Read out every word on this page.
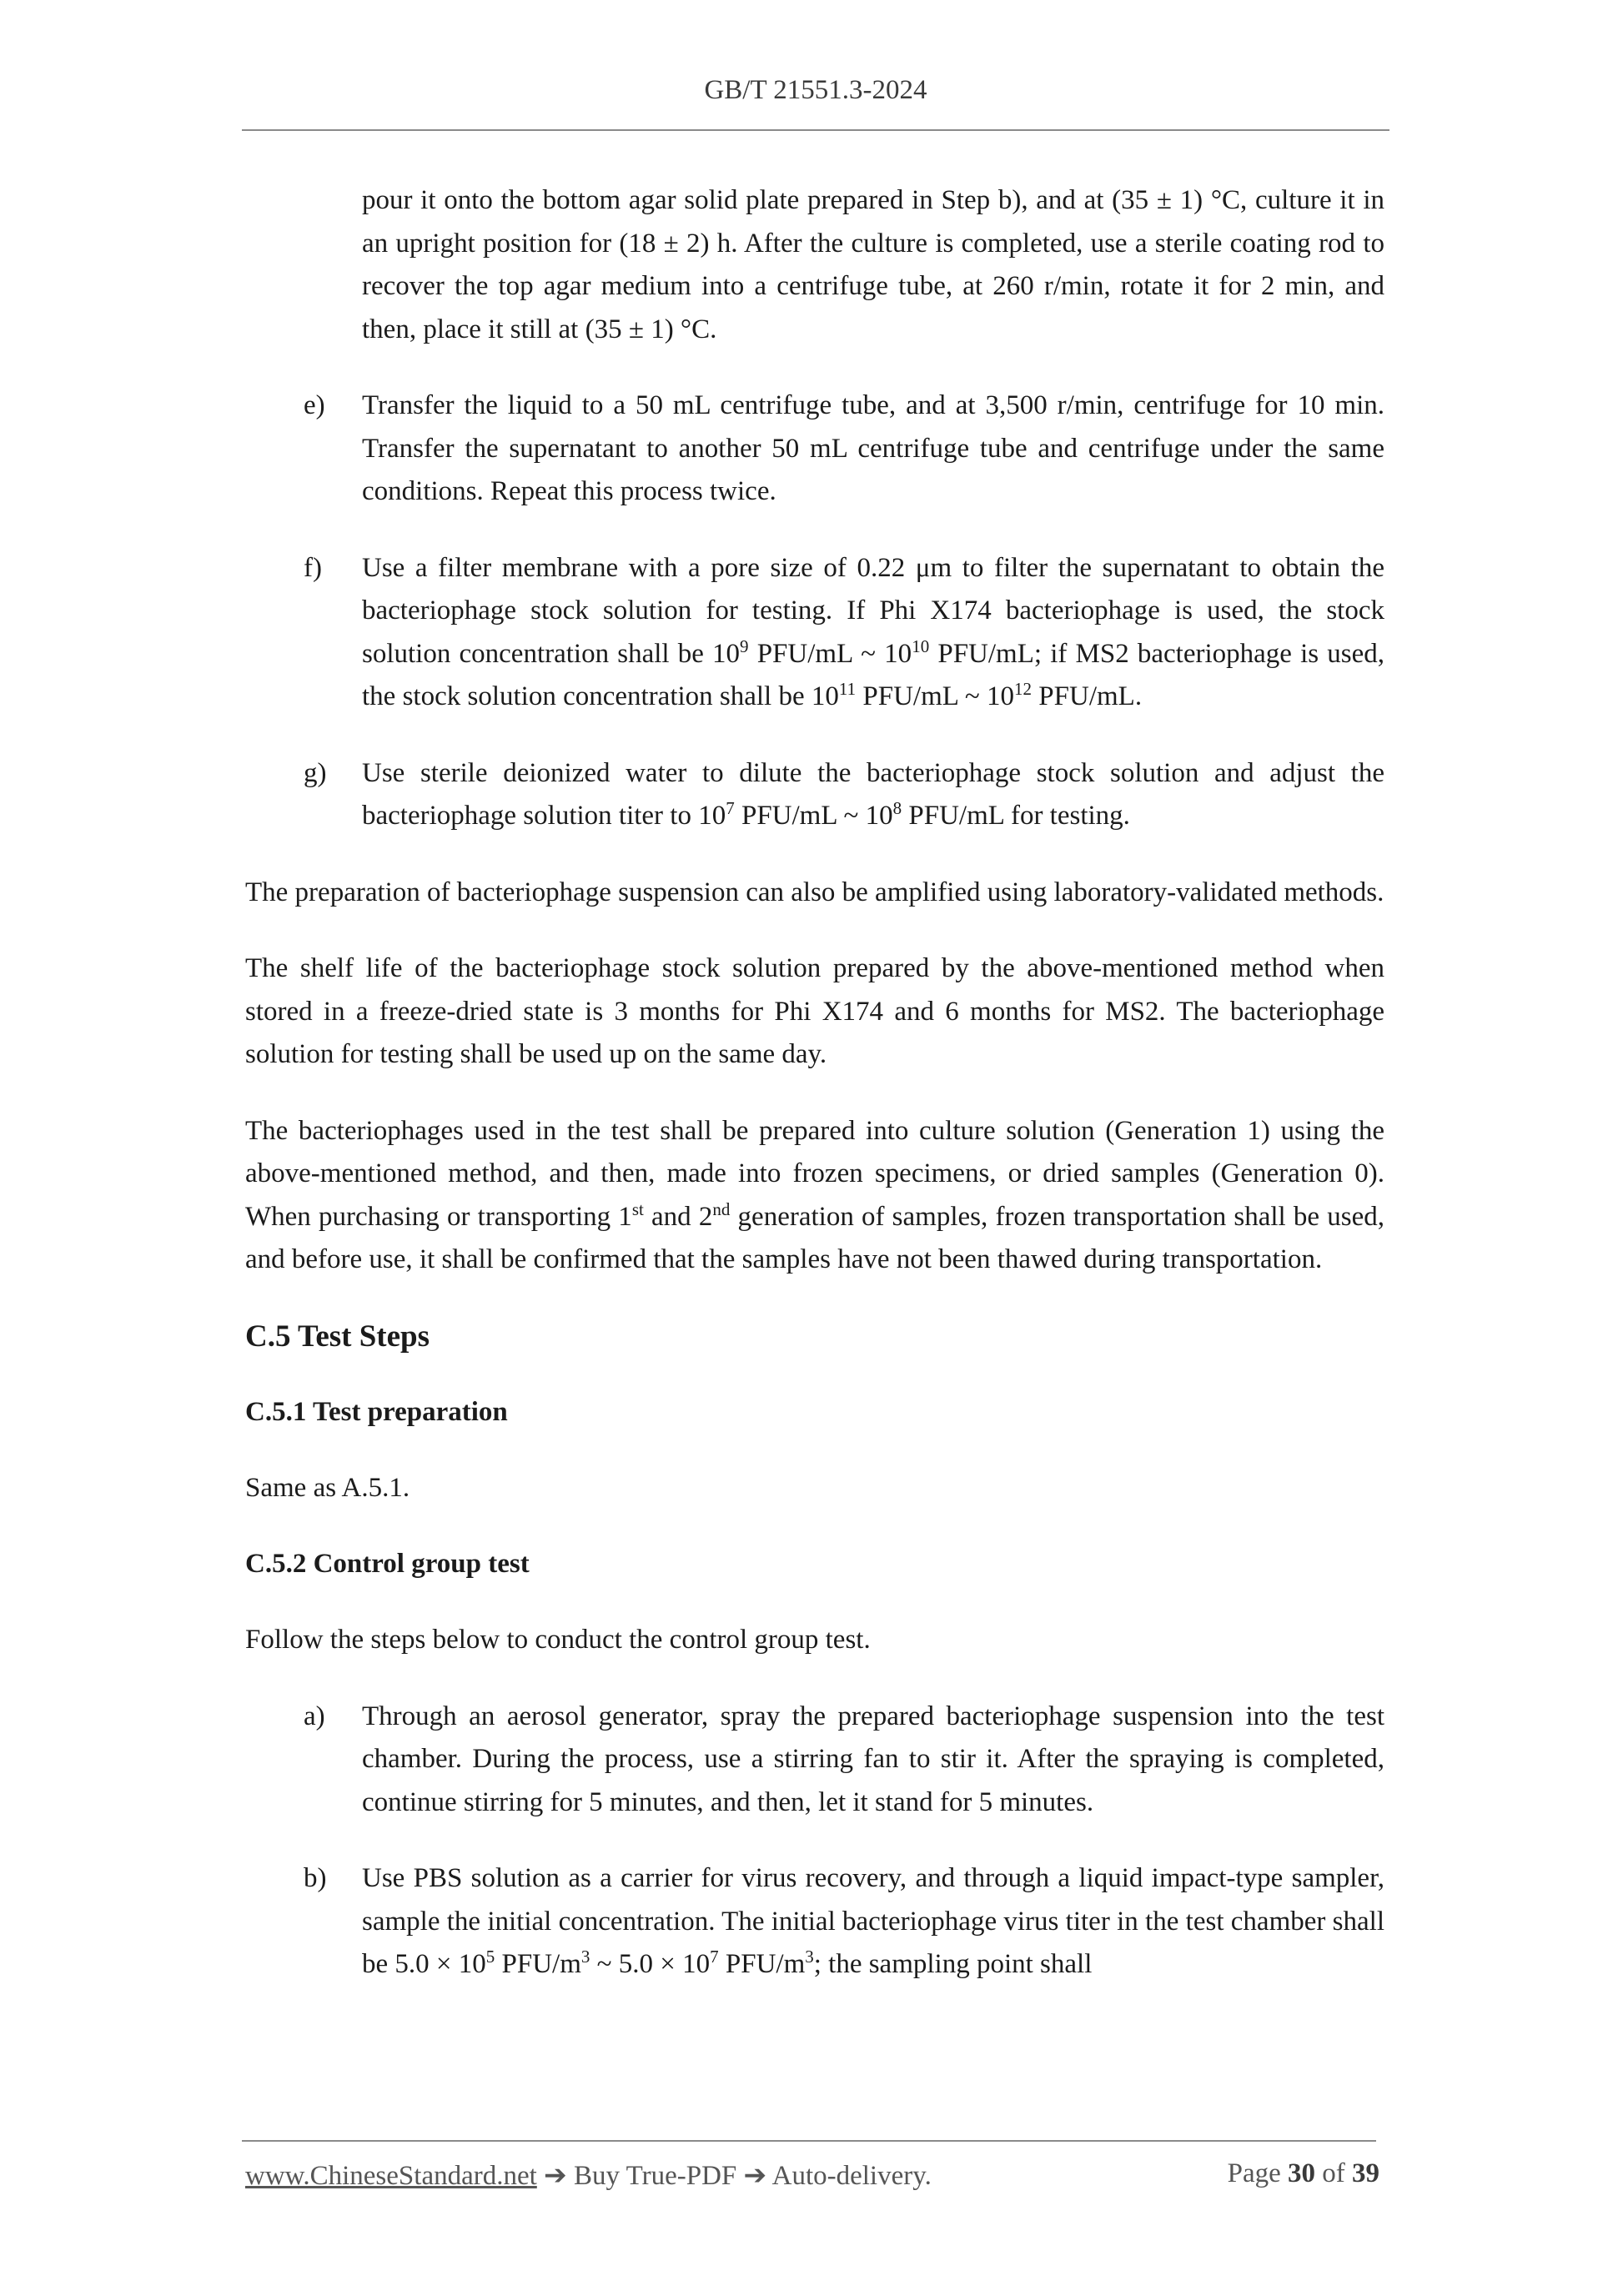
GB/T 21551.3-2024
pour it onto the bottom agar solid plate prepared in Step b), and at (35 ± 1) °C, culture it in an upright position for (18 ± 2) h. After the culture is completed, use a sterile coating rod to recover the top agar medium into a centrifuge tube, at 260 r/min, rotate it for 2 min, and then, place it still at (35 ± 1) °C.
e) Transfer the liquid to a 50 mL centrifuge tube, and at 3,500 r/min, centrifuge for 10 min. Transfer the supernatant to another 50 mL centrifuge tube and centrifuge under the same conditions. Repeat this process twice.
f) Use a filter membrane with a pore size of 0.22 μm to filter the supernatant to obtain the bacteriophage stock solution for testing. If Phi X174 bacteriophage is used, the stock solution concentration shall be $10^9$ PFU/mL ~ $10^{10}$ PFU/mL; if MS2 bacteriophage is used, the stock solution concentration shall be $10^{11}$ PFU/mL ~ $10^{12}$ PFU/mL.
g) Use sterile deionized water to dilute the bacteriophage stock solution and adjust the bacteriophage solution titer to $10^7$ PFU/mL ~ $10^8$ PFU/mL for testing.

The preparation of bacteriophage suspension can also be amplified using laboratory-validated methods.

The shelf life of the bacteriophage stock solution prepared by the above-mentioned method when stored in a freeze-dried state is 3 months for Phi X174 and 6 months for MS2. The bacteriophage solution for testing shall be used up on the same day.

The bacteriophages used in the test shall be prepared into culture solution (Generation 1) using the above-mentioned method, and then, made into frozen specimens, or dried samples (Generation 0). When purchasing or transporting 1st and 2nd generation of samples, frozen transportation shall be used, and before use, it shall be confirmed that the samples have not been thawed during transportation.

C.5 Test Steps
C.5.1 Test preparation

Same as A.5.1.

C.5.2 Control group test

Follow the steps below to conduct the control group test.

a) Through an aerosol generator, spray the prepared bacteriophage suspension into the test chamber. During the process, use a stirring fan to stir it. After the spraying is completed, continue stirring for 5 minutes, and then, let it stand for 5 minutes.
b) Use PBS solution as a carrier for virus recovery, and through a liquid impact-type sampler, sample the initial concentration. The initial bacteriophage virus titer in the test chamber shall be $5.0 \times 10^5$ PFU/$m^3$ ~ $5.0 \times 10^7$ PFU/$m^3$; the sampling point shall
www.ChineseStandard.net ➔ Buy True-PDF ➔ Auto-delivery.	Page 30 of 39
